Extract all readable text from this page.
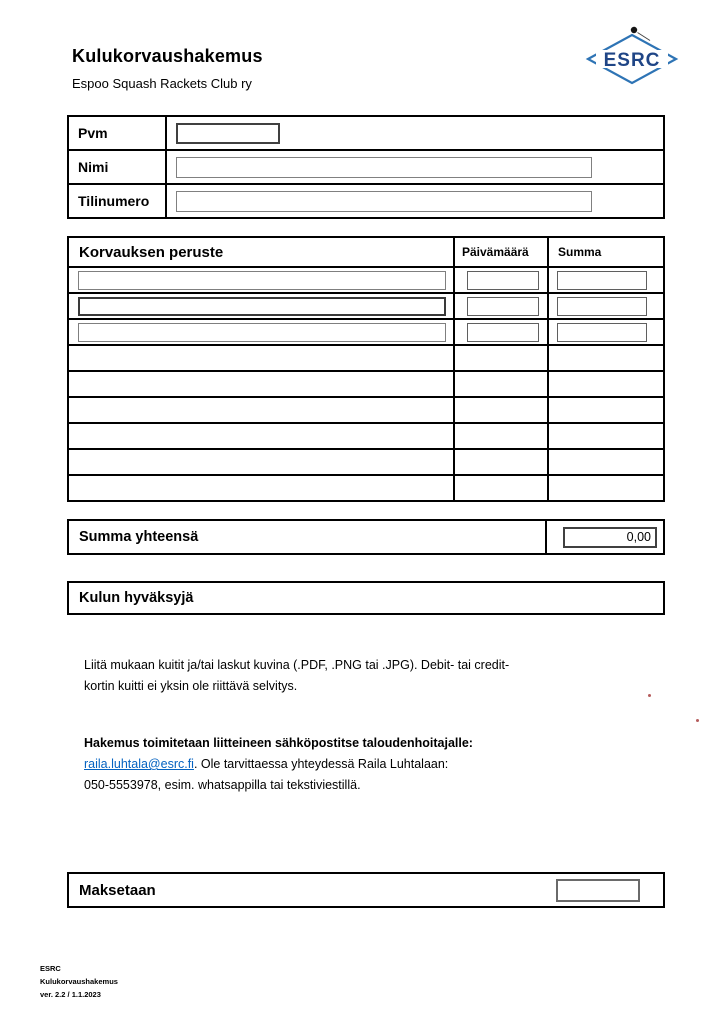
Kulukorvaushakemus
Espoo Squash Rackets Club ry
ESRC
Pvm
Nimi
Tilinumero
Korvauksen peruste	Päivämäärä	Summa
Summa yhteensä
0,00
Kulun hyväksyjä
Liitä mukaan kuitit ja/tai laskut kuvina (.PDF, .PNG tai .JPG). Debit- tai credit-
kortin kuitti ei yksin ole riittävä selvitys.
Hakemus toimitetaan liitteineen sähköpostitse taloudenhoitajalle:
raila.luhtala@esrc.fi. Ole tarvittaessa yhteydessä Raila Luhtalaan:
050-5553978, esim. whatsappilla tai tekstiviestillä.
Maksetaan
ESRC
Kulukorvaushakemus
ver. 2.2 / 1.1.2023
